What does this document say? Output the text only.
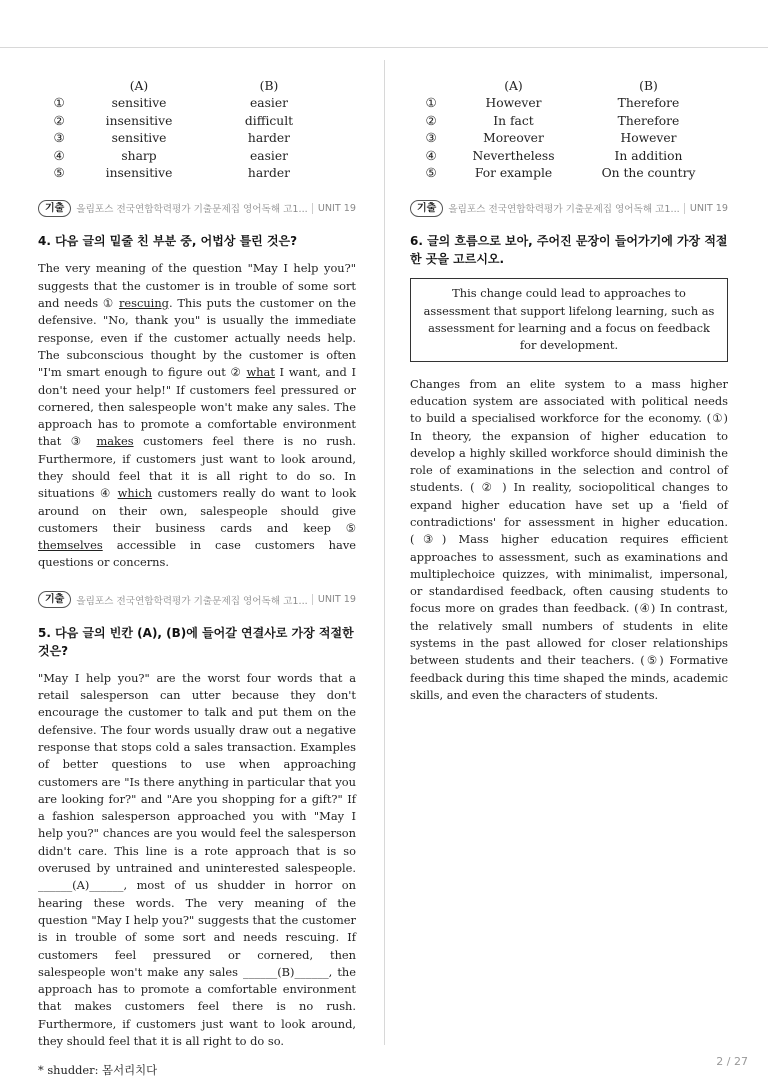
	(A)	(B)
①	sensitive	easier
②	insensitive	difficult
③	sensitive	harder
④	sharp	easier
⑤	insensitive	harder
기출	올림포스 전국연합학력평가 기출문제집 영어독해 고1...	UNIT 19
4. 다음 글의 밑줄 친 부분 중, 어법상 틀린 것은?

The very meaning of the question "May I help you?" suggests that the customer is in trouble of some sort and needs ① rescuing. This puts the customer on the defensive. "No, thank you" is usually the immediate response, even if the customer actually needs help. The subconscious thought by the customer is often "I'm smart enough to figure out ② what I want, and I don't need your help!" If customers feel pressured or cornered, then salespeople won't make any sales. The approach has to promote a comfortable environment that ③ makes customers feel there is no rush. Furthermore, if customers just want to look around, they should feel that it is all right to do so. In situations ④ which customers really do want to look around on their own, salespeople should give customers their business cards and keep ⑤ themselves accessible in case customers have questions or concerns.

기출	올림포스 전국연합학력평가 기출문제집 영어독해 고1...	UNIT 19
5. 다음 글의 빈칸 (A), (B)에 들어갈 연결사로 가장 적절한 것은?

"May I help you?" are the worst four words that a retail salesperson can utter because they don't encourage the customer to talk and put them on the defensive. The four words usually draw out a negative response that stops cold a sales transaction. Examples of better questions to use when approaching customers are "Is there anything in particular that you are looking for?" and "Are you shopping for a gift?" If a fashion salesperson approached you with "May I help you?" chances are you would feel the salesperson didn't care. This line is a rote approach that is so overused by untrained and uninterested salespeople. ______(A)______, most of us shudder in horror on hearing these words. The very meaning of the question "May I help you?" suggests that the customer is in trouble of some sort and needs rescuing. If customers feel pressured or cornered, then salespeople won't make any sales ______(B)______, the approach has to promote a comfortable environment that makes customers feel there is no rush. Furthermore, if customers just want to look around, they should feel that it is all right to do so.

* shudder: 몸서리치다
	(A)	(B)
①	However	Therefore
②	In fact	Therefore
③	Moreover	However
④	Nevertheless	In addition
⑤	For example	On the country
기출	올림포스 전국연합학력평가 기출문제집 영어독해 고1...	UNIT 19
6. 글의 흐름으로 보아, 주어진 문장이 들어가기에 가장 적절한 곳을 고르시오.
This change could lead to approaches to assessment that support lifelong learning, such as assessment for learning and a focus on feedback for development.

Changes from an elite system to a mass higher education system are associated with political needs to build a specialised workforce for the economy. (①) In theory, the expansion of higher education to develop a highly skilled workforce should diminish the role of examinations in the selection and control of students. ( ② ) In reality, sociopolitical changes to expand higher education have set up a 'field of contradictions' for assessment in higher education. (③) Mass higher education requires efficient approaches to assessment, such as examinations and multiplechoice quizzes, with minimalist, impersonal, or standardised feedback, often causing students to focus more on grades than feedback. (④) In contrast, the relatively small numbers of students in elite systems in the past allowed for closer relationships between students and their teachers. (⑤) Formative feedback during this time shaped the minds, academic skills, and even the characters of students.

2 / 27
